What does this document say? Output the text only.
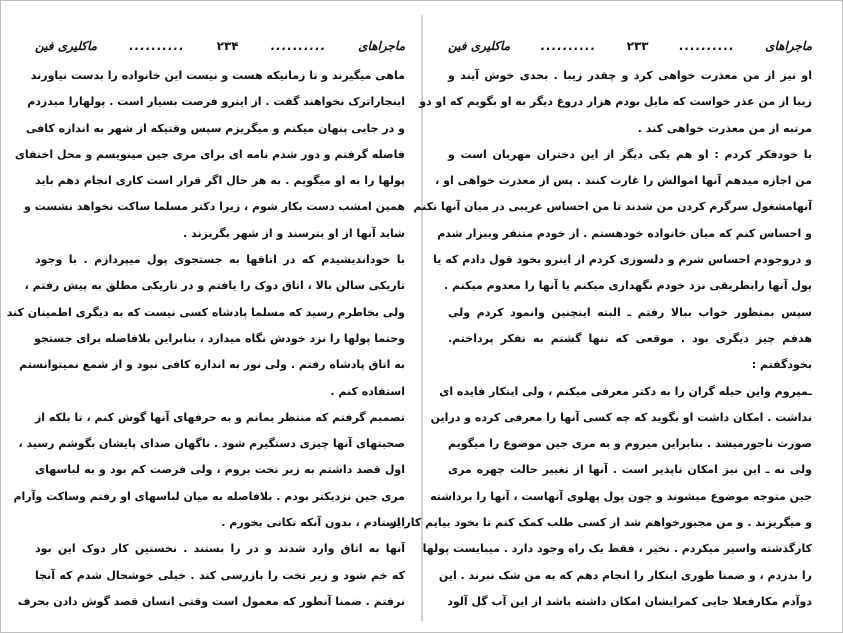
ماجراهای
..........
۲۳۴
..........
ماکلیری فین
ماهی میگیرند و تا زمانیکه هست و نیست این خانواده را بدست نیاورند
اینجاراترک نخواهند گفت . از اینرو فرصت بسیار است . پولهارا میدزدم
و در جایی پنهان میکنم و میگریزم سپس وقتیکه از شهر به اندازه کافی
فاصله گرفتم و دور شدم نامه ای برای مری جین مینویسم و محل اختفای
پولها را به او میگویم . به هر حال اگر قرار است کاری انجام دهم باید
همین امشب دست بکار شوم ، زیرا دکتر مسلما ساکت نخواهد نشست و
شاید آنها از او بترسند و از شهر بگریزند .
با خوداندیشیدم که در اتاقها به جستجوی پول میپردازم . با وجود
تاریکی سالن بالا ، اتاق دوک را یافتم و در تاریکی مطلق به پیش رفتم ،
ولی بخاطرم رسید که مسلما پادشاه کسی نیست که به دیگری اطمینان کند
وحتما پولها را نزد خودش نگاه میدارد ، بنابراین بلافاصله برای جستجو
به اتاق پادشاه رفتم . ولی نور به اندازه کافی نبود و از شمع نمیتوانستم
استفاده کنم .
تصمیم گرفتم که منتظر بمانم و به حرفهای آنها گوش کنم ، تا بلکه از
صحبتهای آنها چیزی دستگیرم شود . ناگهان صدای پایشان بگوشم رسید ،
اول قصد داشتم به زیر تخت بروم ، ولی فرصت کم بود و به لباسهای
مری جین نزدیکتر بودم . بلافاصله به میان لباسهای او رفتم وساکت وآرام
ایستادم ، بدون آنکه تکانی بخورم .
آنها به اتاق وارد شدند و در را بستند . نخستین کار دوک این بود
که خم شود و زیر تخت را بازرسی کند . خیلی خوشحال شدم که آنجا
نرفتم . ضمنا آنطور که معمول است وقتی انسان قصد گوش دادن بحرف
ماجراهای
..........
۲۳۳
..........
ماکلیری فین
او نیز از من معذرت خواهی کرد و چقدر زیبا . بحدی خوش آیند و
زیبا از من عذر خواست که مایل بودم هزار دروغ دیگر به او بگویم که او دو
مرتبه از من معذرت خواهی کند .
با خودفکر کردم : او هم یکی دیگر از این دختران مهربان است و
من اجازه میدهم آنها اموالش را غارت کنند . پس از معذرت خواهی او ،
آنهامشغول سرگرم کردن من شدند تا من احساس غریبی در میان آنها نکنم
و احساس کنم که میان خانواده خودهستم . از خودم متنفر وبیزار شدم
و دروجودم احساس شرم و دلسوزی کردم از اینرو بخود قول دادم که یا
پول آنها رابطریقی نزد خودم نگهداری میکنم یا آنها را معدوم میکنم .
سپس بمنظور خواب ببالا رفتم ـ البته اینچنین وانمود کردم ولی
هدفم چیز دیگری بود . موقعی که تنها گشتم به تفکر پرداختم.
بخودگفتم :
ـمیروم واین حیله گران را به دکتر معرفی میکنم ، ولی اینکار فایده ای
نداشت . امکان داشت او بگوید که چه کسی آنها را معرفی کرده و دراین
صورت ناجورمیشد . بنابراین میروم و به مری جین موضوع را میگویم
ولی نه ـ این نیز امکان ناپذیر است . آنها از تغییر حالت چهره مری
جین متوجه موضوع میشوند و چون پول پهلوی آنهاست ، آنها را برداشته
و میگریزند . و من مجبورخواهم شد از کسی طلب کمک کنم تا بخود بیایم کار از
کارگذشته واسیر میکردم . نخیر ، فقط یک راه وجود دارد . میبایست پولها
را بدزدم ، و ضمنا طوری اینکار را انجام دهم که به من شک نبرند . این
دوآدم مکارفعلا جایی کمرایشان امکان داشته باشد از این آب گل آلود
